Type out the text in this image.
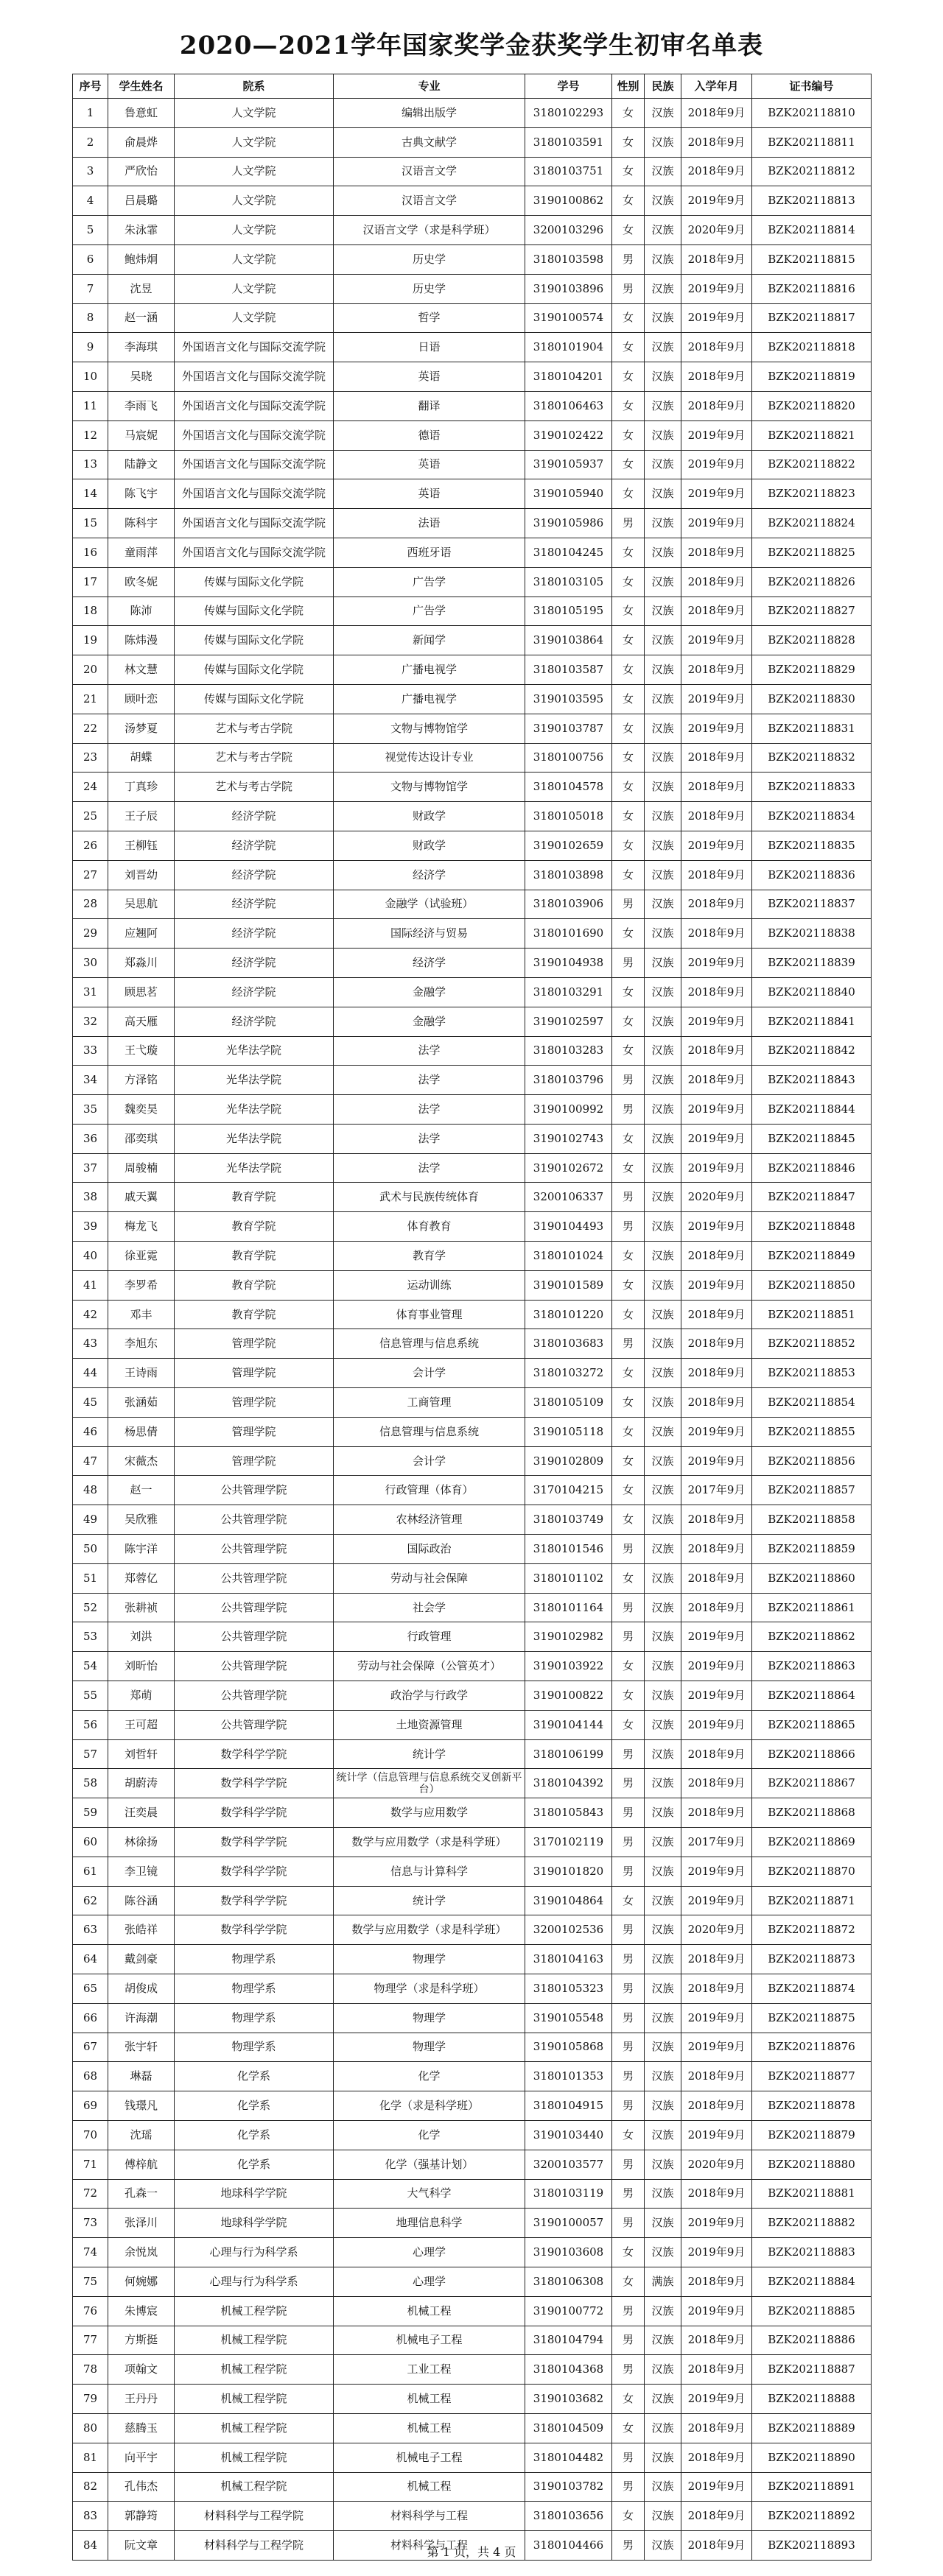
2020—2021学年国家奖学金获奖学生初审名单表
序号	学生姓名	院系	专业	学号	性别	民族	入学年月	证书编号
1	鲁意虹	人文学院	编辑出版学	3180102293	女	汉族	2018年9月	BZK202118810
2	俞晨烨	人文学院	古典文献学	3180103591	女	汉族	2018年9月	BZK202118811
3	严欣怡	人文学院	汉语言文学	3180103751	女	汉族	2018年9月	BZK202118812
4	吕晨璐	人文学院	汉语言文学	3190100862	女	汉族	2019年9月	BZK202118813
5	朱泳霏	人文学院	汉语言文学（求是科学班）	3200103296	女	汉族	2020年9月	BZK202118814
6	鲍炜炯	人文学院	历史学	3180103598	男	汉族	2018年9月	BZK202118815
7	沈昱	人文学院	历史学	3190103896	男	汉族	2019年9月	BZK202118816
8	赵一涵	人文学院	哲学	3190100574	女	汉族	2019年9月	BZK202118817
9	李海琪	外国语言文化与国际交流学院	日语	3180101904	女	汉族	2018年9月	BZK202118818
10	吴晓	外国语言文化与国际交流学院	英语	3180104201	女	汉族	2018年9月	BZK202118819
11	李雨飞	外国语言文化与国际交流学院	翻译	3180106463	女	汉族	2018年9月	BZK202118820
12	马宸妮	外国语言文化与国际交流学院	德语	3190102422	女	汉族	2019年9月	BZK202118821
13	陆静文	外国语言文化与国际交流学院	英语	3190105937	女	汉族	2019年9月	BZK202118822
14	陈飞宇	外国语言文化与国际交流学院	英语	3190105940	女	汉族	2019年9月	BZK202118823
15	陈科宇	外国语言文化与国际交流学院	法语	3190105986	男	汉族	2019年9月	BZK202118824
16	童雨萍	外国语言文化与国际交流学院	西班牙语	3180104245	女	汉族	2018年9月	BZK202118825
17	欧冬妮	传媒与国际文化学院	广告学	3180103105	女	汉族	2018年9月	BZK202118826
18	陈沛	传媒与国际文化学院	广告学	3180105195	女	汉族	2018年9月	BZK202118827
19	陈炜漫	传媒与国际文化学院	新闻学	3190103864	女	汉族	2019年9月	BZK202118828
20	林文慧	传媒与国际文化学院	广播电视学	3180103587	女	汉族	2018年9月	BZK202118829
21	顾叶恋	传媒与国际文化学院	广播电视学	3190103595	女	汉族	2019年9月	BZK202118830
22	汤梦夏	艺术与考古学院	文物与博物馆学	3190103787	女	汉族	2019年9月	BZK202118831
23	胡蝶	艺术与考古学院	视觉传达设计专业	3180100756	女	汉族	2018年9月	BZK202118832
24	丁真珍	艺术与考古学院	文物与博物馆学	3180104578	女	汉族	2018年9月	BZK202118833
25	王子辰	经济学院	财政学	3180105018	女	汉族	2018年9月	BZK202118834
26	王柳钰	经济学院	财政学	3190102659	女	汉族	2019年9月	BZK202118835
27	刘晋幼	经济学院	经济学	3180103898	女	汉族	2018年9月	BZK202118836
28	吴思航	经济学院	金融学（试验班）	3180103906	男	汉族	2018年9月	BZK202118837
29	应翘阿	经济学院	国际经济与贸易	3180101690	女	汉族	2018年9月	BZK202118838
30	郑淼川	经济学院	经济学	3190104938	男	汉族	2019年9月	BZK202118839
31	顾思茗	经济学院	金融学	3180103291	女	汉族	2018年9月	BZK202118840
32	高天雁	经济学院	金融学	3190102597	女	汉族	2019年9月	BZK202118841
33	王弋璇	光华法学院	法学	3180103283	女	汉族	2018年9月	BZK202118842
34	方泽铭	光华法学院	法学	3180103796	男	汉族	2018年9月	BZK202118843
35	魏奕昊	光华法学院	法学	3190100992	男	汉族	2019年9月	BZK202118844
36	邵奕琪	光华法学院	法学	3190102743	女	汉族	2019年9月	BZK202118845
37	周骏楠	光华法学院	法学	3190102672	女	汉族	2019年9月	BZK202118846
38	戚天翼	教育学院	武术与民族传统体育	3200106337	男	汉族	2020年9月	BZK202118847
39	梅龙飞	教育学院	体育教育	3190104493	男	汉族	2019年9月	BZK202118848
40	徐亚霓	教育学院	教育学	3180101024	女	汉族	2018年9月	BZK202118849
41	李罗希	教育学院	运动训练	3190101589	女	汉族	2019年9月	BZK202118850
42	邓丰	教育学院	体育事业管理	3180101220	女	汉族	2018年9月	BZK202118851
43	李旭东	管理学院	信息管理与信息系统	3180103683	男	汉族	2018年9月	BZK202118852
44	王诗雨	管理学院	会计学	3180103272	女	汉族	2018年9月	BZK202118853
45	张涵茹	管理学院	工商管理	3180105109	女	汉族	2018年9月	BZK202118854
46	杨思倩	管理学院	信息管理与信息系统	3190105118	女	汉族	2019年9月	BZK202118855
47	宋薇杰	管理学院	会计学	3190102809	女	汉族	2019年9月	BZK202118856
48	赵一	公共管理学院	行政管理（体育）	3170104215	女	汉族	2017年9月	BZK202118857
49	吴欣雅	公共管理学院	农林经济管理	3180103749	女	汉族	2018年9月	BZK202118858
50	陈宇洋	公共管理学院	国际政治	3180101546	男	汉族	2018年9月	BZK202118859
51	郑蓉亿	公共管理学院	劳动与社会保障	3180101102	女	汉族	2018年9月	BZK202118860
52	张耕祯	公共管理学院	社会学	3180101164	男	汉族	2018年9月	BZK202118861
53	刘洪	公共管理学院	行政管理	3190102982	男	汉族	2019年9月	BZK202118862
54	刘昕怡	公共管理学院	劳动与社会保障（公管英才）	3190103922	女	汉族	2019年9月	BZK202118863
55	郑萌	公共管理学院	政治学与行政学	3190100822	女	汉族	2019年9月	BZK202118864
56	王可超	公共管理学院	土地资源管理	3190104144	女	汉族	2019年9月	BZK202118865
57	刘哲轩	数学科学学院	统计学	3180106199	男	汉族	2018年9月	BZK202118866
58	胡蔚涛	数学科学学院	统计学（信息管理与信息系统交叉创新平台）	3180104392	男	汉族	2018年9月	BZK202118867
59	汪奕晨	数学科学学院	数学与应用数学	3180105843	男	汉族	2018年9月	BZK202118868
60	林徐扬	数学科学学院	数学与应用数学（求是科学班）	3170102119	男	汉族	2017年9月	BZK202118869
61	李卫镜	数学科学学院	信息与计算科学	3190101820	男	汉族	2019年9月	BZK202118870
62	陈谷涵	数学科学学院	统计学	3190104864	女	汉族	2019年9月	BZK202118871
63	张皓祥	数学科学学院	数学与应用数学（求是科学班）	3200102536	男	汉族	2020年9月	BZK202118872
64	戴剑豪	物理学系	物理学	3180104163	男	汉族	2018年9月	BZK202118873
65	胡俊成	物理学系	物理学（求是科学班）	3180105323	男	汉族	2018年9月	BZK202118874
66	许海潮	物理学系	物理学	3190105548	男	汉族	2019年9月	BZK202118875
67	张宇轩	物理学系	物理学	3190105868	男	汉族	2019年9月	BZK202118876
68	琳磊	化学系	化学	3180101353	男	汉族	2018年9月	BZK202118877
69	钱璟凡	化学系	化学（求是科学班）	3180104915	男	汉族	2018年9月	BZK202118878
70	沈瑶	化学系	化学	3190103440	女	汉族	2019年9月	BZK202118879
71	傅梓航	化学系	化学（强基计划）	3200103577	男	汉族	2020年9月	BZK202118880
72	孔森一	地球科学学院	大气科学	3180103119	男	汉族	2018年9月	BZK202118881
73	张泽川	地球科学学院	地理信息科学	3190100057	男	汉族	2019年9月	BZK202118882
74	余悦岚	心理与行为科学系	心理学	3190103608	女	汉族	2019年9月	BZK202118883
75	何婉娜	心理与行为科学系	心理学	3180106308	女	满族	2018年9月	BZK202118884
76	朱博宸	机械工程学院	机械工程	3190100772	男	汉族	2019年9月	BZK202118885
77	方斯挺	机械工程学院	机械电子工程	3180104794	男	汉族	2018年9月	BZK202118886
78	项翰文	机械工程学院	工业工程	3180104368	男	汉族	2018年9月	BZK202118887
79	王丹丹	机械工程学院	机械工程	3190103682	女	汉族	2019年9月	BZK202118888
80	慈腾玉	机械工程学院	机械工程	3180104509	女	汉族	2018年9月	BZK202118889
81	向平宇	机械工程学院	机械电子工程	3180104482	男	汉族	2018年9月	BZK202118890
82	孔伟杰	机械工程学院	机械工程	3190103782	男	汉族	2019年9月	BZK202118891
83	郭静筠	材料科学与工程学院	材料科学与工程	3180103656	女	汉族	2018年9月	BZK202118892
84	阮文章	材料科学与工程学院	材料科学与工程	3180104466	男	汉族	2018年9月	BZK202118893
第 1 页，共 4 页
